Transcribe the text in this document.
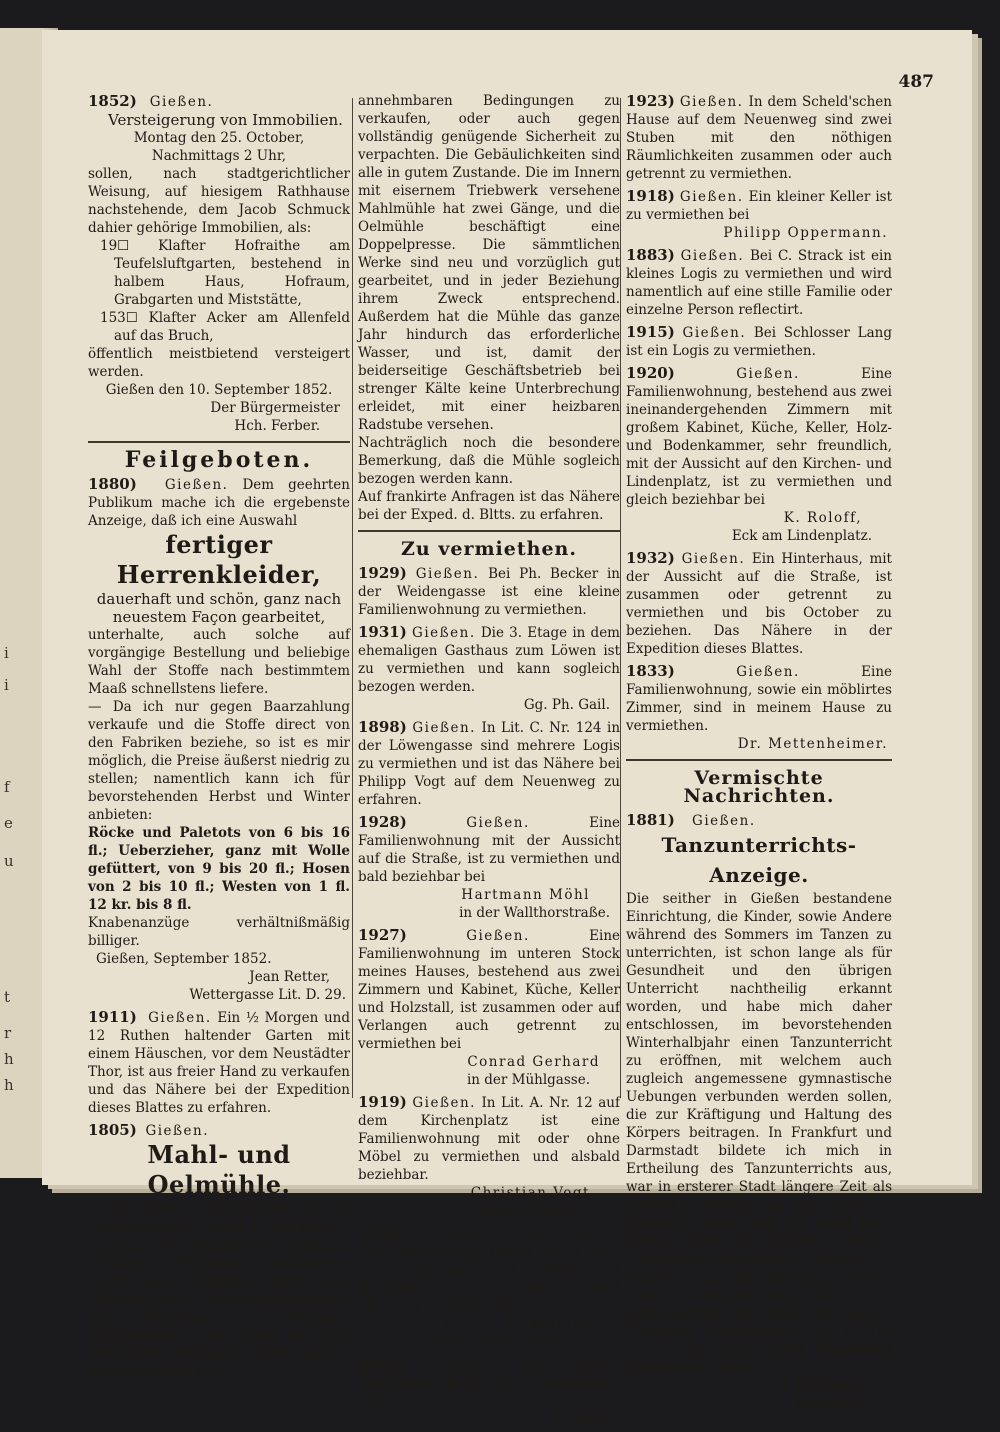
i
i
f
e
u
t
r
h
h
487

1852) Gießen.

Versteigerung von Immobilien.

Montag den 25. October,

Nachmittags 2 Uhr,

sollen, nach stadtgerichtlicher Weisung, auf hiesigem Rathhause nachstehende, dem Jacob Schmuck dahier gehörige Immobilien, als:

19☐ Klafter Hofraithe am Teufelsluftgarten, bestehend in halbem Haus, Hofraum, Grabgarten und Miststätte,

153☐ Klafter Acker am Allenfeld auf das Bruch,

öffentlich meistbietend versteigert werden.

Gießen den 10. September 1852.

Der Bürgermeister

Hch. Ferber.

Feilgeboten.

1880) Gießen. Dem geehrten Publikum mache ich die ergebenste Anzeige, daß ich eine Auswahl

fertiger Herrenkleider,

dauerhaft und schön, ganz nach

neuestem Façon gearbeitet,

unterhalte, auch solche auf vorgängige Bestellung und beliebige Wahl der Stoffe nach bestimmtem Maaß schnellstens liefere.

— Da ich nur gegen Baarzahlung verkaufe und die Stoffe direct von den Fabriken beziehe, so ist es mir möglich, die Preise äußerst niedrig zu stellen; namentlich kann ich für bevorstehenden Herbst und Winter anbieten:

Röcke und Paletots von 6 bis 16 fl.; Ueberzieher, ganz mit Wolle gefüttert, von 9 bis 20 fl.; Hosen von 2 bis 10 fl.; Westen von 1 fl. 12 kr. bis 8 fl.

Knabenanzüge verhältnißmäßig billiger.

Gießen, September 1852.

Jean Retter,

Wettergasse Lit. D. 29.

1911) Gießen. Ein ½ Morgen und 12 Ruthen haltender Garten mit einem Häuschen, vor dem Neustädter Thor, ist aus freier Hand zu verkaufen und das Nähere bei der Expedition dieses Blattes zu erfahren.

1805) Gießen.

Mahl- und Oelmühle.

In der Provinz Oberhessen, in der Umgegend von Frankfurt und Hanau, ist eine mit geräumigem großen 2 stöckigen Wohnhaus verbundene Mahl- und Oelmühle nebst den erforderlichen Oeconomiegebäuden und ohngefähr 10 Morgen, größtentheils in der Nähe des Orts gelegenem, vorzüglich gutem Garten- und Ackerland, unter

annehmbaren Bedingungen zu verkaufen, oder auch gegen vollständig genügende Sicherheit zu verpachten. Die Gebäulichkeiten sind alle in gutem Zustande. Die im Innern mit eisernem Triebwerk versehene Mahlmühle hat zwei Gänge, und die Oelmühle beschäftigt eine Doppelpresse. Die sämmtlichen Werke sind neu und vorzüglich gut gearbeitet, und in jeder Beziehung ihrem Zweck entsprechend. Außerdem hat die Mühle das ganze Jahr hindurch das erforderliche Wasser, und ist, damit der beiderseitige Geschäftsbetrieb bei strenger Kälte keine Unterbrechung erleidet, mit einer heizbaren Radstube versehen.

Nachträglich noch die besondere Bemerkung, daß die Mühle sogleich bezogen werden kann.

Auf frankirte Anfragen ist das Nähere bei der Exped. d. Bltts. zu erfahren.

Zu vermiethen.

1929) Gießen. Bei Ph. Becker in der Weidengasse ist eine kleine Familienwohnung zu vermiethen.

1931) Gießen. Die 3. Etage in dem ehemaligen Gasthaus zum Löwen ist zu vermiethen und kann sogleich bezogen werden.

Gg. Ph. Gail.

1898) Gießen. In Lit. C. Nr. 124 in der Löwengasse sind mehrere Logis zu vermiethen und ist das Nähere bei Philipp Vogt auf dem Neuenweg zu erfahren.

1928)	Gießen.	Eine Familienwohnung mit der Aussicht auf die Straße, ist zu vermiethen und bald beziehbar bei

Hartmann Möhl

in der Wallthorstraße.

1927)	Gießen.	Eine Familienwohnung im unteren Stock meines Hauses, bestehend aus zwei Zimmern und Kabinet, Küche, Keller und Holzstall, ist zusammen oder auf Verlangen auch getrennt zu vermiethen bei

Conrad Gerhard

in der Mühlgasse.

1919) Gießen. In Lit. A. Nr. 12 auf dem Kirchenplatz ist eine Familienwohnung mit oder ohne Möbel zu vermiethen und alsbald beziehbar.

Christian Vogt

in der Traube.

1916) Gießen. Eine kleine Familienwohnung, bestehend in einer Stube, Kammer, Küche, Keller und Holzplatz, ist zu vermiethen und gleich zu beziehen bei

Daniel Weißmüller

in der Katharinengasse.

1921) Gießen. Ein großer geräumiger Keller ist zu vermiethen bei

B. Ganß.

1923) Gießen. In dem Scheld'schen Hause auf dem Neuenweg sind zwei Stuben mit den nöthigen Räumlichkeiten zusammen oder auch getrennt zu vermiethen.

1918) Gießen. Ein kleiner Keller ist zu vermiethen bei

Philipp Oppermann.

1883) Gießen. Bei C. Strack ist ein kleines Logis zu vermiethen und wird namentlich auf eine stille Familie oder einzelne Person reflectirt.

1915) Gießen. Bei Schlosser Lang ist ein Logis zu vermiethen.

1920)	Gießen.	Eine Familienwohnung, bestehend aus zwei ineinandergehenden Zimmern mit großem Kabinet, Küche, Keller, Holz- und Bodenkammer, sehr freundlich, mit der Aussicht auf den Kirchen- und Lindenplatz, ist zu vermiethen und gleich beziehbar bei

K. Roloff,

Eck am Lindenplatz.

1932) Gießen. Ein Hinterhaus, mit der Aussicht auf die Straße, ist zusammen oder getrennt zu vermiethen und bis October zu beziehen. Das Nähere in der Expedition dieses Blattes.

1833)	Gießen.	Eine Familienwohnung, sowie ein möblirtes Zimmer, sind in meinem Hause zu vermiethen.

Dr. Mettenheimer.

Vermischte Nachrichten.

1881) Gießen.

Tanzunterrichts-Anzeige.

Die seither in Gießen bestandene Einrichtung, die Kinder, sowie Andere während des Sommers im Tanzen zu unterrichten, ist schon lange als für Gesundheit und den übrigen Unterricht nachtheilig erkannt worden, und habe mich daher entschlossen, im bevorstehenden Winterhalbjahr einen Tanzunterricht zu eröffnen, mit welchem auch zugleich angemessene gymnastische Uebungen verbunden werden sollen, die zur Kräftigung und Haltung des Körpers beitragen. In Frankfurt und Darmstadt bildete ich mich in Ertheilung des Tanzunterrichts aus, war in ersterer Stadt längere Zeit als Hilfslehrer thätig, und darf daher die Hoffnung hegen, daß mir recht viele hiesige Eltern ihre Kinder zu diesem Unterrichte anvertrauen. Mit dem 11. October wird der Unterricht seinen Anfang nehmen und bitte ich Anmeldungen bis dahin in meiner Wohnung, Weidengasse Lit. B. Nr. 79½, in der Heyer'schen Behausung abgeben zu wollen.

C. Rübsamen,

Turnlehrer.
